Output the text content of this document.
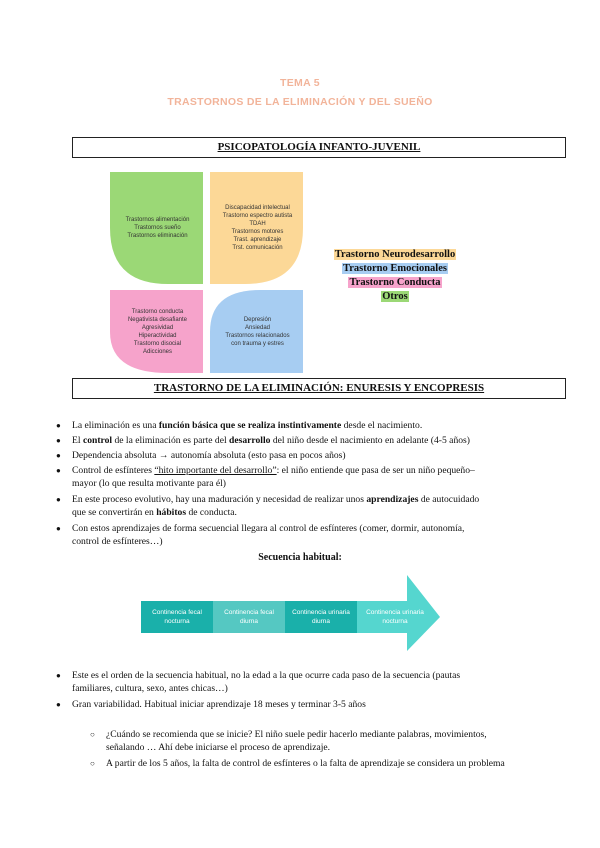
TEMA 5
TRASTORNOS DE LA ELIMINACIÓN Y DEL SUEÑO
PSICOPATOLOGÍA INFANTO-JUVENIL
Trastornos alimentación
Trastornos sueño
Trastornos eliminación
Discapacidad intelectual
Trastorno espectro autista
TDAH
Trastornos motores
Trast. aprendizaje
Trst. comunicación
Trastorno conducta
Negativista desafiante
Agresividad
Hiperactividad
Trastorno disocial
Adicciones
Depresión
Ansiedad
Trastornos relacionados
con trauma y estres
Trastorno Neurodesarrollo
Trastorno Emocionales
Trastorno Conducta
Otros
TRASTORNO DE LA ELIMINACIÓN: ENURESIS Y ENCOPRESIS
● La eliminación es una función básica que se realiza instintivamente desde el nacimiento.
● El control de la eliminación es parte del desarrollo del niño desde el nacimiento en adelante (4-5 años)
● Dependencia absoluta → autonomía absoluta (esto pasa en pocos años)
● Control de esfínteres “hito importante del desarrollo”: el niño entiende que pasa de ser un niño pequeño–
mayor (lo que resulta motivante para él)
● En este proceso evolutivo, hay una maduración y necesidad de realizar unos aprendizajes de autocuidado
que se convertirán en hábitos de conducta.
● Con estos aprendizajes de forma secuencial llegara al control de esfínteres (comer, dormir, autonomía,
control de esfínteres…)
Secuencia habitual:
Continencia fecal
nocturna
Continencia fecal
diurna
Continencia urinaria
diurna
Continencia urinaria
nocturna
● Este es el orden de la secuencia habitual, no la edad a la que ocurre cada paso de la secuencia (pautas
familiares, cultura, sexo, antes chicas…)
● Gran variabilidad. Habitual iniciar aprendizaje 18 meses y terminar 3-5 años
○ ¿Cuándo se recomienda que se inicie? El niño suele pedir hacerlo mediante palabras, movimientos,
señalando … Ahí debe iniciarse el proceso de aprendizaje.
○ A partir de los 5 años, la falta de control de esfínteres o la falta de aprendizaje se considera un problema
